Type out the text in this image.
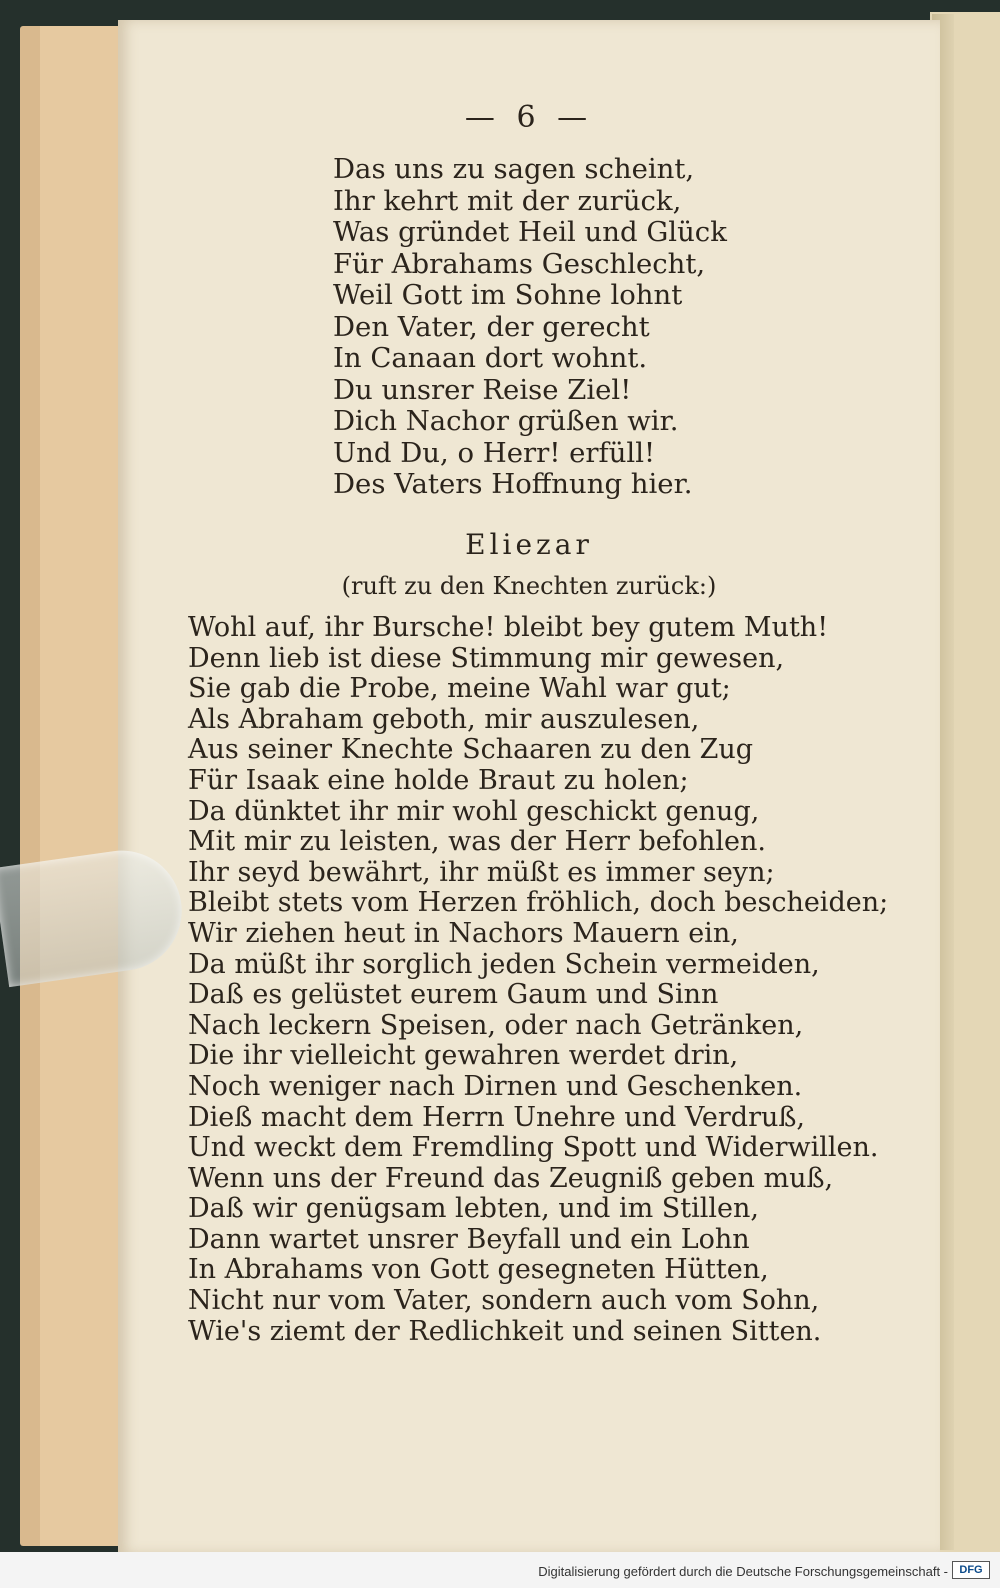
— 6 —
Das uns zu sagen scheint,
Ihr kehrt mit der zurück,
Was gründet Heil und Glück
Für Abrahams Geschlecht,
Weil Gott im Sohne lohnt
Den Vater, der gerecht
In Canaan dort wohnt.
Du unsrer Reise Ziel!
Dich Nachor grüßen wir.
Und Du, o Herr! erfüll!
Des Vaters Hoffnung hier.
Eliezar
(ruft zu den Knechten zurück:)
Wohl auf, ihr Bursche! bleibt bey gutem Muth!
Denn lieb ist diese Stimmung mir gewesen,
Sie gab die Probe, meine Wahl war gut;
Als Abraham geboth, mir auszulesen,
Aus seiner Knechte Schaaren zu den Zug
Für Isaak eine holde Braut zu holen;
Da dünktet ihr mir wohl geschickt genug,
Mit mir zu leisten, was der Herr befohlen.
Ihr seyd bewährt, ihr müßt es immer seyn;
Bleibt stets vom Herzen fröhlich, doch bescheiden;
Wir ziehen heut in Nachors Mauern ein,
Da müßt ihr sorglich jeden Schein vermeiden,
Daß es gelüstet eurem Gaum und Sinn
Nach leckern Speisen, oder nach Getränken,
Die ihr vielleicht gewahren werdet drin,
Noch weniger nach Dirnen und Geschenken.
Dieß macht dem Herrn Unehre und Verdruß,
Und weckt dem Fremdling Spott und Widerwillen.
Wenn uns der Freund das Zeugniß geben muß,
Daß wir genügsam lebten, und im Stillen,
Dann wartet unsrer Beyfall und ein Lohn
In Abrahams von Gott gesegneten Hütten,
Nicht nur vom Vater, sondern auch vom Sohn,
Wie's ziemt der Redlichkeit und seinen Sitten.
Digitalisierung gefördert durch die Deutsche Forschungsgemeinschaft -	DFG
